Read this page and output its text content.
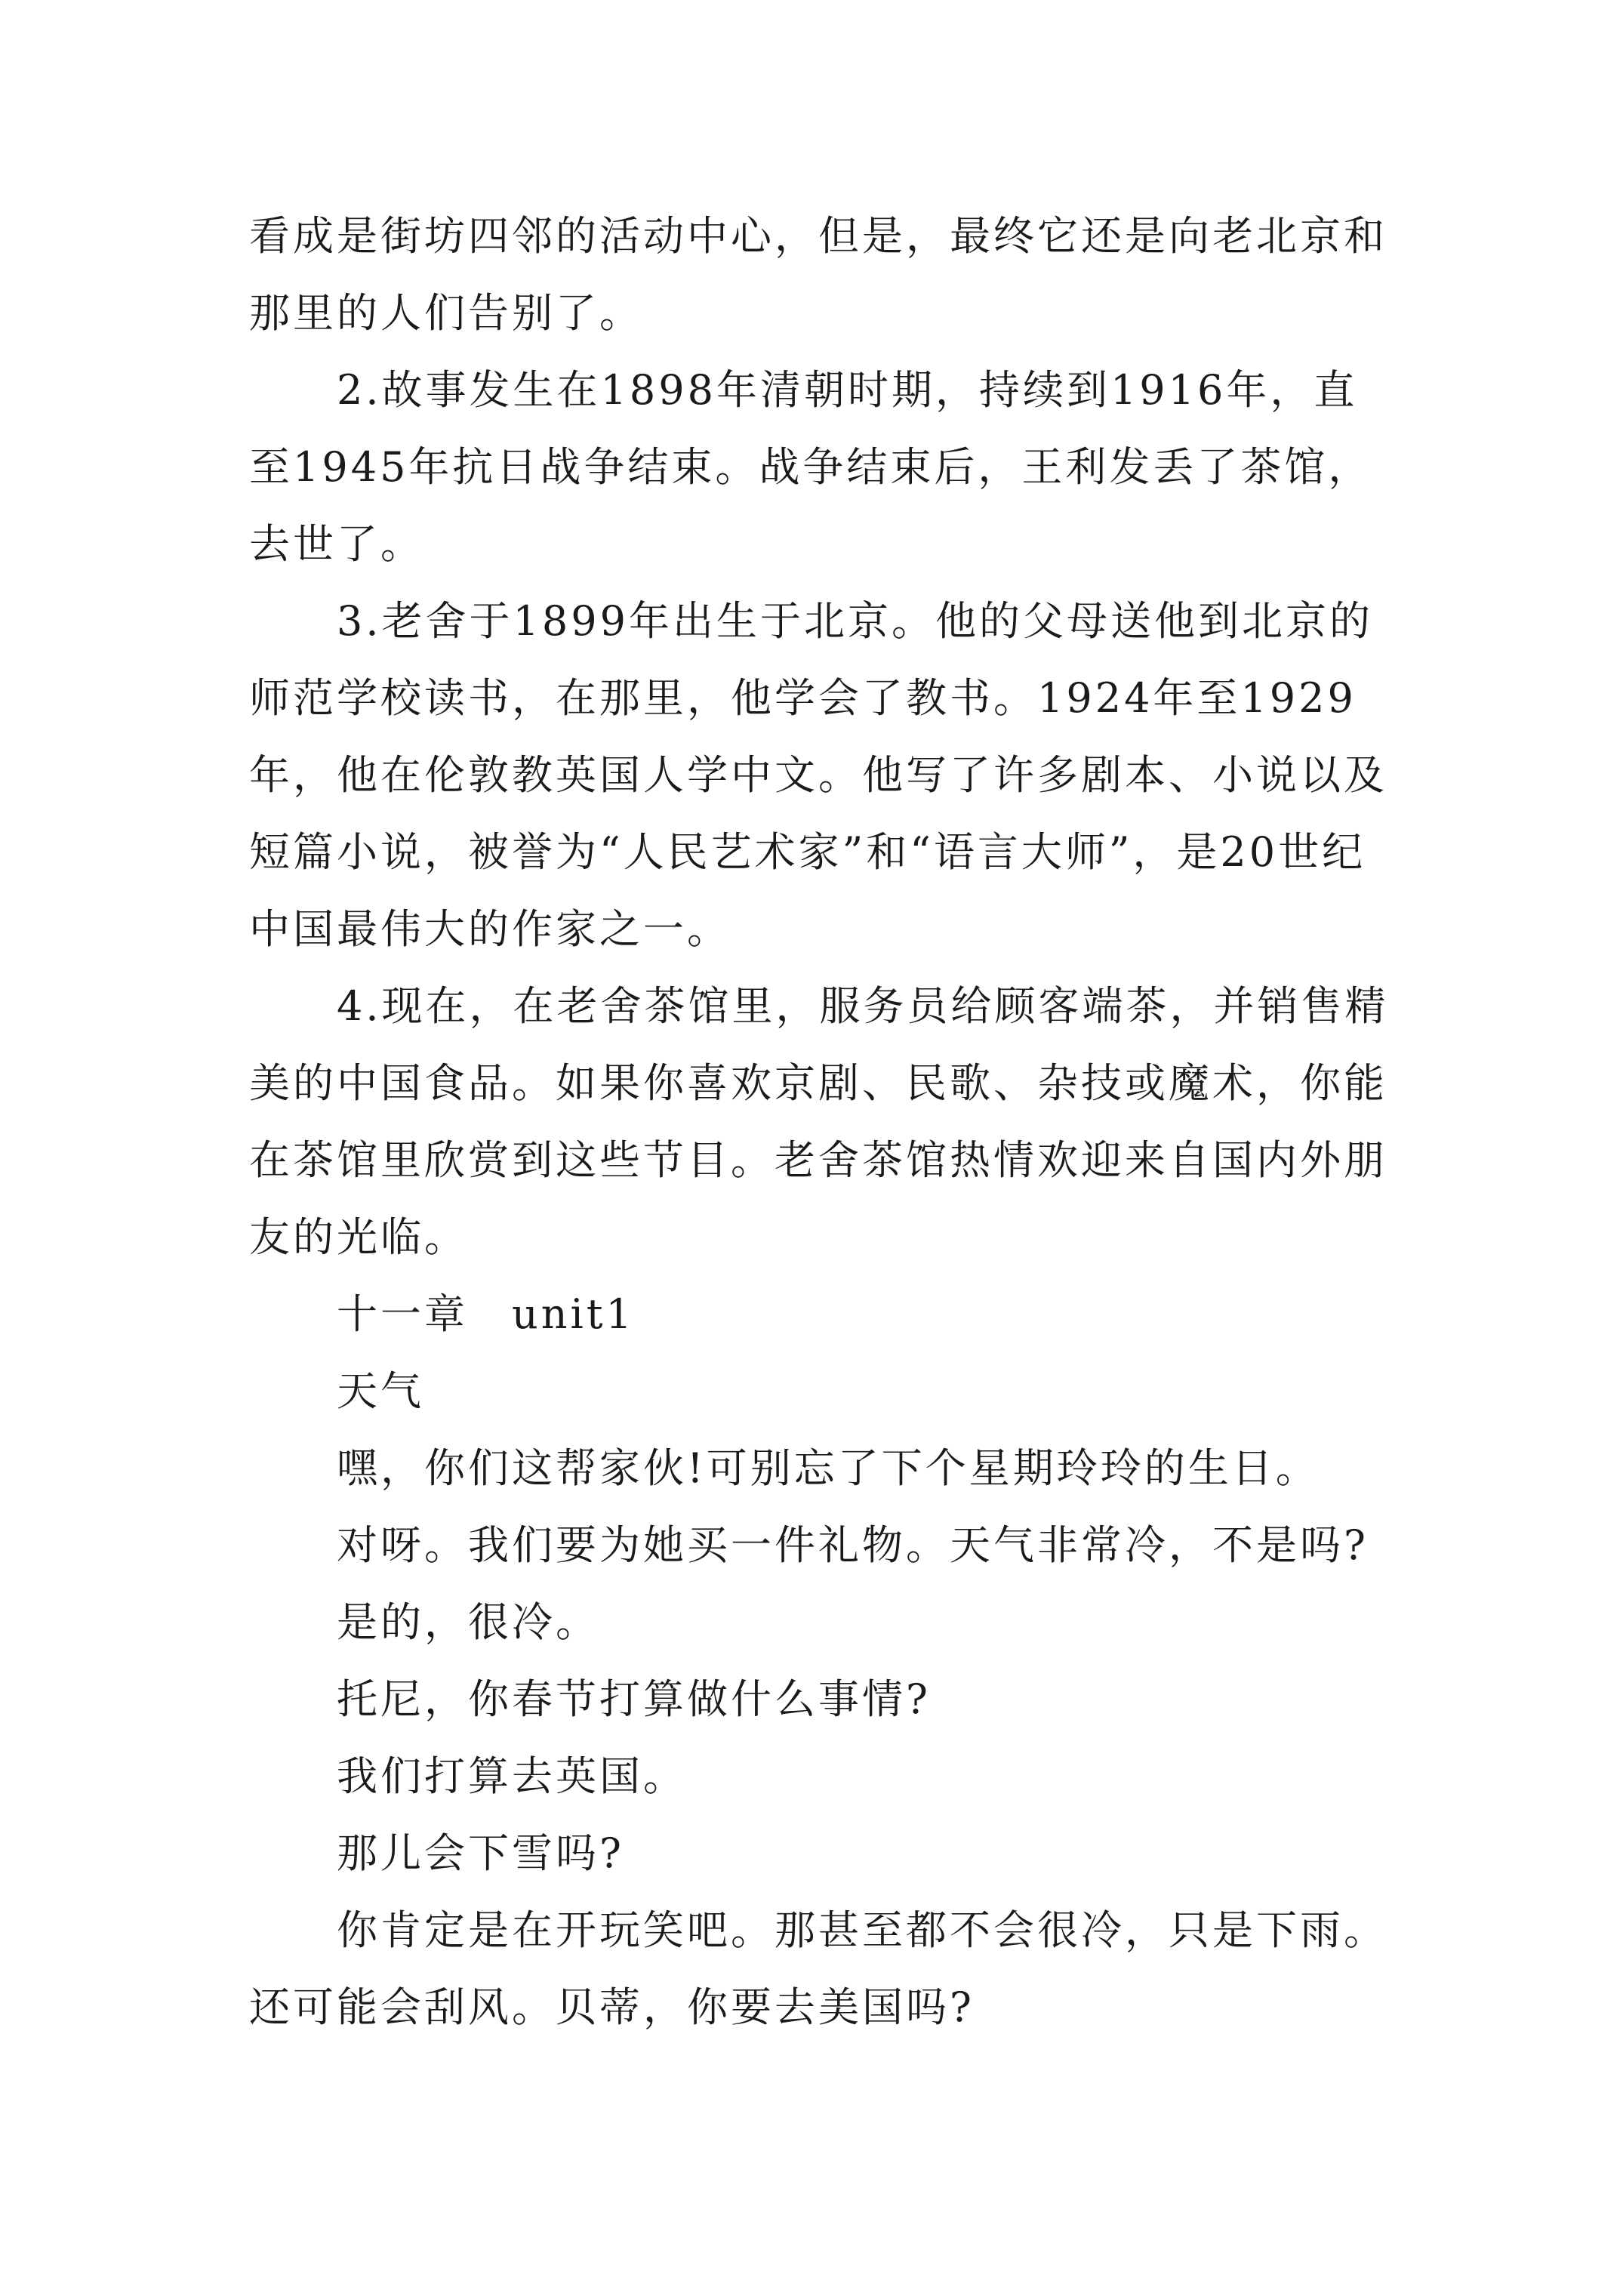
看成是街坊四邻的活动中心，但是，最终它还是向老北京和那里的人们告别了。

2.故事发生在1898年清朝时期，持续到1916年，直至1945年抗日战争结束。战争结束后，王利发丢了茶馆，去世了。

3.老舍于1899年出生于北京。他的父母送他到北京的师范学校读书，在那里，他学会了教书。1924年至1929年，他在伦敦教英国人学中文。他写了许多剧本、小说以及短篇小说，被誉为“人民艺术家”和“语言大师”，是20世纪中国最伟大的作家之一。

4.现在，在老舍茶馆里，服务员给顾客端茶，并销售精美的中国食品。如果你喜欢京剧、民歌、杂技或魔术，你能在茶馆里欣赏到这些节目。老舍茶馆热情欢迎来自国内外朋友的光临。

十一章　unit1

天气

嘿，你们这帮家伙!可别忘了下个星期玲玲的生日。

对呀。我们要为她买一件礼物。天气非常冷，不是吗?

是的，很冷。

托尼，你春节打算做什么事情?

我们打算去英国。

那儿会下雪吗?

你肯定是在开玩笑吧。那甚至都不会很冷，只是下雨。还可能会刮风。贝蒂，你要去美国吗?
